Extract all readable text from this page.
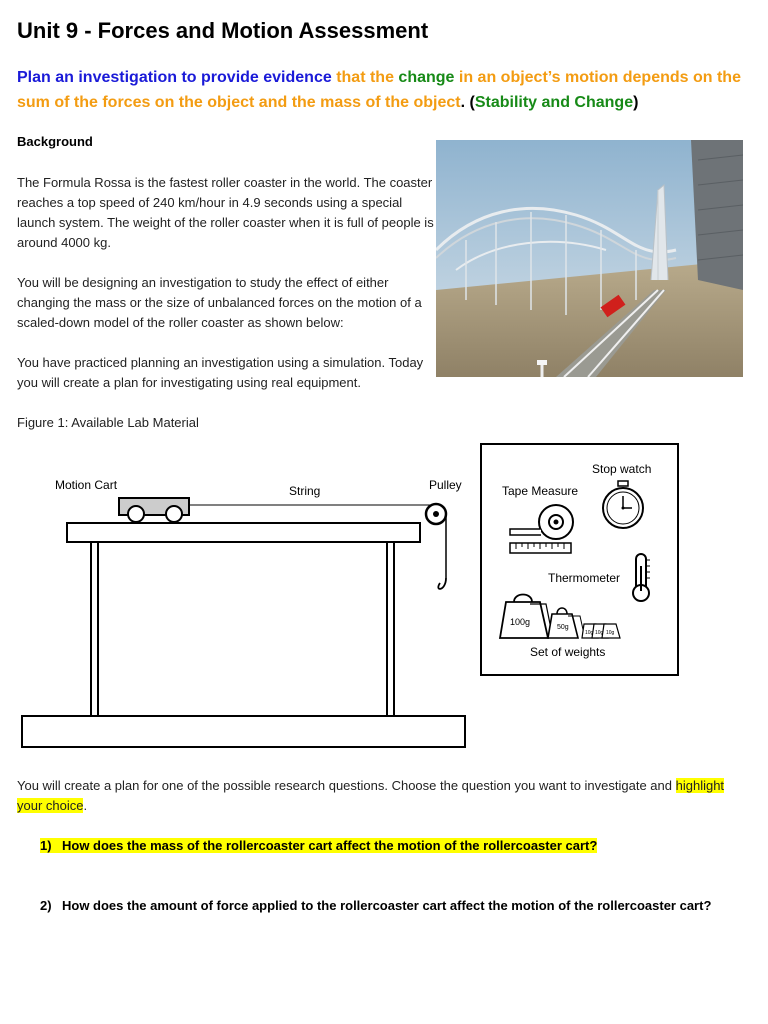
Unit 9 - Forces and Motion Assessment
Plan an investigation to provide evidence that the change in an object’s motion depends on the sum of the forces on the object and the mass of the object. (Stability and Change)
Background
The Formula Rossa is the fastest roller coaster in the world. The coaster reaches a top speed of 240 km/hour in 4.9 seconds using a special launch system. The weight of the roller coaster when it is full of people is around 4000 kg.
You will be designing an investigation to study the effect of either changing the mass or the size of unbalanced forces on the motion of a scaled-down model of the roller coaster as shown below:
You have practiced planning an investigation using a simulation. Today you will create a plan for investigating using real equipment.
Figure 1: Available Lab Material
Motion Cart	String	Pulley
Stop watch
Tape Measure
Thermometer
Set of weights
100g
50g
10g 10g 10g
You will create a plan for one of the possible research questions. Choose the question you want to investigate and highlight your choice.
1) How does the mass of the rollercoaster cart affect the motion of the rollercoaster cart?
2) How does the amount of force applied to the rollercoaster cart affect the motion of the rollercoaster cart?
